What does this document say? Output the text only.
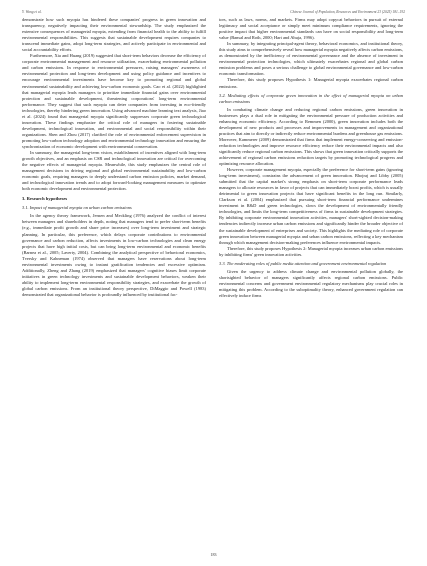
Y. Wang et al.	Chinese Journal of Population, Resources and Environment 23 (2025) 181–192

demonstrate how such myopia has hindered these companies' progress in green innovation and transparency, negatively impacting their environmental stewardship. The study emphasized the extensive consequences of managerial myopia, extending from financial health to the ability to fulfill environmental responsibilities. This suggests that sustainable development requires companies to transcend immediate gains, adopt long-term strategies, and actively participate in environmental and social accountability efforts.

Furthermore, Xia and Huang (2019) suggested that short-term behaviors decrease the efficiency of corporate environmental management and resource utilization, exacerbating environmental pollution and carbon emissions. In response to environmental pressures, raising managers' awareness of environmental protection and long-term development and using policy guidance and incentives to encourage environmental investments have become key to promoting regional and global environmental sustainability and achieving low-carbon economic goals. Cao et al. (2022) highlighted that managerial myopia leads managers to prioritize immediate financial gains over environmental protection and sustainable development, threatening corporations' long-term environmental performance. They suggest that such myopia can deter companies from investing in eco-friendly technologies, thereby hindering green innovation. Using advanced machine learning text analysis, Jiao et al. (2024) found that managerial myopia significantly suppresses corporate green technological innovation. These findings emphasize the critical role of managers in fostering sustainable development, technological innovation, and environmental and social responsibility within their organizations. Shen and Zhou (2017) clarified the role of environmental enforcement supervision in promoting low-carbon technology adoption and environmental technology innovation and ensuring the synchronization of economic development with environmental conservation.

In summary, the managerial long-term vision, establishment of incentives aligned with long-term growth objectives, and an emphasis on CSR and technological innovation are critical for overcoming the negative effects of managerial myopia. Meanwhile, this study emphasizes the central role of management decisions in driving regional and global environmental sustainability and low-carbon economic goals, requiring managers to deeply understand carbon emission policies, market demand, and technological innovation trends and to adopt forward-looking management measures to optimize both economic development and environmental protection.

3. Research hypotheses
3.1. Impact of managerial myopia on urban carbon emissions

In the agency theory framework, Jensen and Meckling (1976) analyzed the conflict of interest between managers and shareholders in depth, noting that managers tend to prefer short-term benefits (e.g., immediate profit growth and share price increases) over long-term investment and strategic planning. In particular, this preference, which delays corporate contributions to environmental governance and carbon reduction, affects investments in low-carbon technologies and clean energy projects that have high initial costs, but can bring long-term environmental and economic benefits (Barnea et al., 2005; Laverty, 2004). Combining the analytical perspective of behavioral economics, Tversky and Kahneman (1974) observed that managers have reservations about long-term environmental investments owing to instant gratification tendencies and excessive optimism. Additionally, Zheng and Zhang (2019) emphasized that managers' cognitive biases limit corporate initiatives in green technology investments and sustainable development behaviors, weaken their ability to implement long-term environmental responsibility strategies, and exacerbate the growth of global carbon emissions. From an institutional theory perspective, DiMaggio and Powell (1983) demonstrated that organizational behavior is profoundly influenced by institutional fac-

tors, such as laws, norms, and markets. Firms may adopt copycat behaviors in pursuit of external legitimacy and social acceptance or simply meet minimum compliance requirements, ignoring the positive impact that higher environmental standards can have on social responsibility and long-term value (Bansal and Roth, 2000; Hart and Ahuja, 1996).

In summary, by integrating principal-agent theory, behavioral economics, and institutional theory, this study aims to comprehensively reveal how managerial myopia negatively affects carbon emissions, as demonstrated by the inefficiency of environmental governance and the absence of investment in environmental protection technologies, which ultimately exacerbates regional and global carbon emission problems and poses a serious challenge to global environmental governance and low-carbon economic transformation.

Therefore, this study proposes Hypothesis 1: Managerial myopia exacerbates regional carbon emissions.

3.2. Mediating effects of corporate green innovation in the effect of managerial myopia on urban carbon emissions

In combating climate change and reducing regional carbon emissions, green innovation in businesses plays a dual role in mitigating the environmental pressure of production activities and enhancing economic efficiency. According to Remmen (2000), green innovation includes both the development of new products and processes and improvements in management and organizational practices that aim to directly or indirectly reduce environmental burdens and greenhouse gas emissions. Moreover, Kammerer (2009) demonstrated that firms that implement energy-conserving and emission-reduction technologies and improve resource efficiency reduce their environmental impacts and also significantly reduce regional carbon emissions. This shows that green innovation critically supports the achievement of regional carbon emissions reduction targets by promoting technological progress and optimizing resource allocation.

However, corporate management myopia, especially the preference for short-term gains (ignoring long-term investment), constrains the advancement of green innovation. Bhojraj and Libby (2005) submitted that the capital market's strong emphasis on short-term corporate performance leads managers to allocate resources in favor of projects that can immediately boost profits, which is usually detrimental to green innovation projects that have significant benefits in the long run. Similarly, Clarkson et al. (2004) emphasized that pursuing short-term financial performance undermines investment in R&D and green technologies, slows the development of environmentally friendly technologies, and limits the long-term competitiveness of firms in sustainable development strategies. By inhibiting corporate environmental innovation activities, managers' short-sighted decision-making tendencies indirectly increase urban carbon emissions and significantly hinder the broader objective of the sustainable development of enterprises and society. This highlights the mediating role of corporate green innovation between managerial myopia and urban carbon emissions, reflecting a key mechanism through which management decision-making preferences influence environmental impacts.

Therefore, this study proposes Hypothesis 2: Managerial myopia increases urban carbon emissions by inhibiting firms' green innovation activities.

3.3. The moderating roles of public media attention and government environmental regulation

Given the urgency to address climate change and environmental pollution globally, the shortsighted behavior of managers significantly affects regional carbon emissions. Public environmental concerns and government environmental regulatory mechanisms play crucial roles in mitigating this problem. According to the suboptimality theory, enhanced government regulation can effectively induce firms

183
